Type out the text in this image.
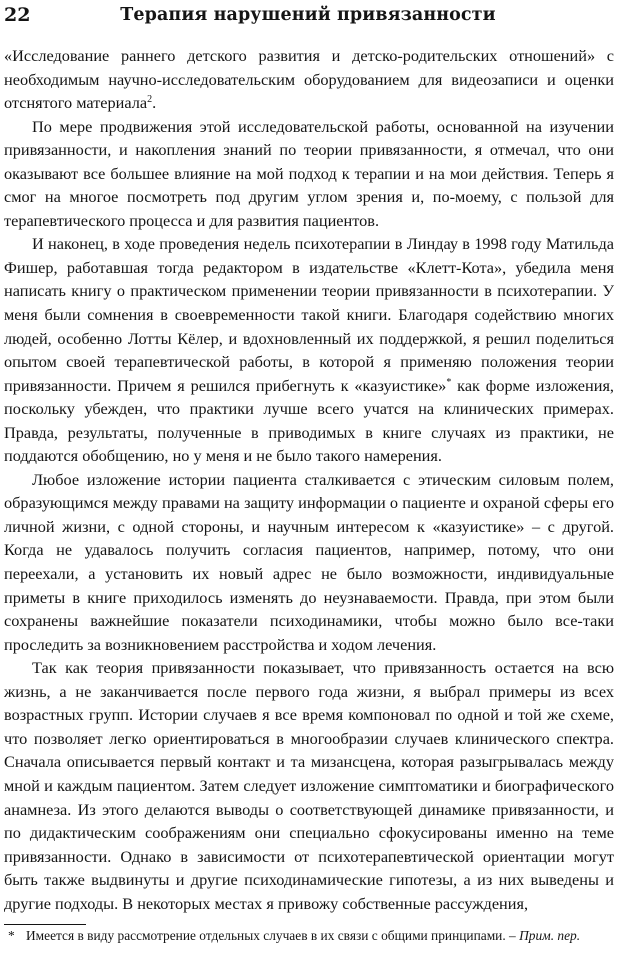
22	Терапия нарушений привязанности

«Исследование раннего детского развития и детско-родительских отношений» с необходимым научно-исследовательским оборудованием для видеозаписи и оценки отснятого материала$^2$.

По мере продвижения этой исследовательской работы, основанной на изучении привязанности, и накопления знаний по теории привязанности, я отмечал, что они оказывают все большее влияние на мой подход к терапии и на мои действия. Теперь я смог на многое посмотреть под другим углом зрения и, по-моему, с пользой для терапевтического процесса и для развития пациентов.

И наконец, в ходе проведения недель психотерапии в Линдау в 1998 году Матильда Фишер, работавшая тогда редактором в издательстве «Клетт-Кота», убедила меня написать книгу о практическом применении теории привязанности в психотерапии. У меня были сомнения в своевременности такой книги. Благодаря содействию многих людей, особенно Лотты Кёлер, и вдохновленный их поддержкой, я решил поделиться опытом своей терапевтической работы, в которой я применяю положения теории привязанности. Причем я решился прибегнуть к «казуистике»* как форме изложения, поскольку убежден, что практики лучше всего учатся на клинических примерах. Правда, результаты, полученные в приводимых в книге случаях из практики, не поддаются обобщению, но у меня и не было такого намерения.

Любое изложение истории пациента сталкивается с этическим силовым полем, образующимся между правами на защиту информации о пациенте и охраной сферы его личной жизни, с одной стороны, и научным интересом к «казуистике» – с другой. Когда не удавалось получить согласия пациентов, например, потому, что они переехали, а установить их новый адрес не было возможности, индивидуальные приметы в книге приходилось изменять до неузнаваемости. Правда, при этом были сохранены важнейшие показатели психодинамики, чтобы можно было все-таки проследить за возникновением расстройства и ходом лечения.

Так как теория привязанности показывает, что привязанность остается на всю жизнь, а не заканчивается после первого года жизни, я выбрал примеры из всех возрастных групп. Истории случаев я все время компоновал по одной и той же схеме, что позволяет легко ориентироваться в многообразии случаев клинического спектра. Сначала описывается первый контакт и та мизансцена, которая разыгрывалась между мной и каждым пациентом. Затем следует изложение симптоматики и биографического анамнеза. Из этого делаются выводы о соответствующей динамике привязанности, и по дидактическим соображениям они специально сфокусированы именно на теме привязанности. Однако в зависимости от психотерапевтической ориентации могут быть также выдвинуты и другие психодинамические гипотезы, а из них выведены и другие подходы. В некоторых местах я привожу собственные рассуждения,

* Имеется в виду рассмотрение отдельных случаев в их связи с общими принципами. – Прим. пер.
